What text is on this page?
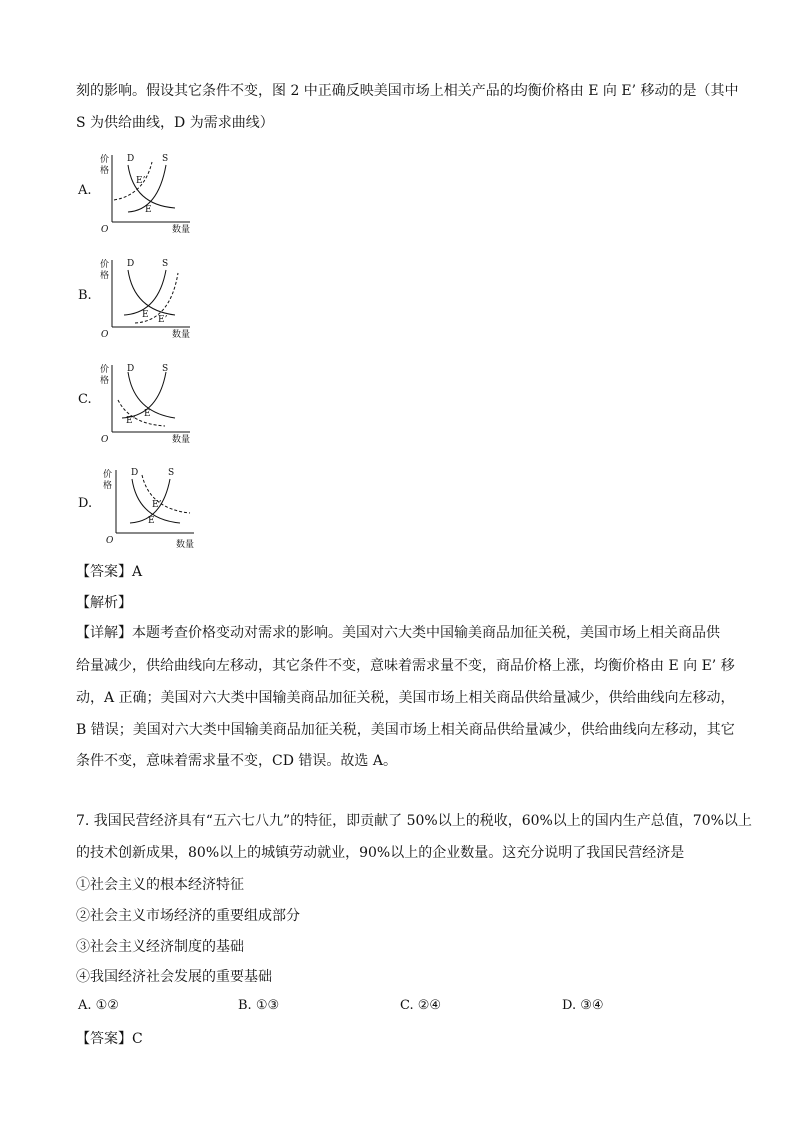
刻的影响。假设其它条件不变，图 2 中正确反映美国市场上相关产品的均衡价格由 E 向 E’ 移动的是（其中
S 为供给曲线，D 为需求曲线）
A.
价
格
O	数量
D	S
E’
E
B.
价
格
O	数量
D	S
E E’
C.
价
格
O	数量
D	S
E
E’
D.
价
格
O	数量
D	S
E’
E
【答案】A
【解析】
【详解】本题考查价格变动对需求的影响。美国对六大类中国输美商品加征关税，美国市场上相关商品供
给量减少，供给曲线向左移动，其它条件不变，意味着需求量不变，商品价格上涨，均衡价格由 E 向 E’ 移
动，A 正确；美国对六大类中国输美商品加征关税，美国市场上相关商品供给量减少，供给曲线向左移动，
B 错误；美国对六大类中国输美商品加征关税，美国市场上相关商品供给量减少，供给曲线向左移动，其它
条件不变，意味着需求量不变，CD 错误。故选 A。
7. 我国民营经济具有“五六七八九”的特征，即贡献了 50%以上的税收，60%以上的国内生产总值，70%以上
的技术创新成果，80%以上的城镇劳动就业，90%以上的企业数量。这充分说明了我国民营经济是
①社会主义的根本经济特征
②社会主义市场经济的重要组成部分
③社会主义经济制度的基础
④我国经济社会发展的重要基础
A. ①②	B. ①③	C. ②④	D. ③④
【答案】C
